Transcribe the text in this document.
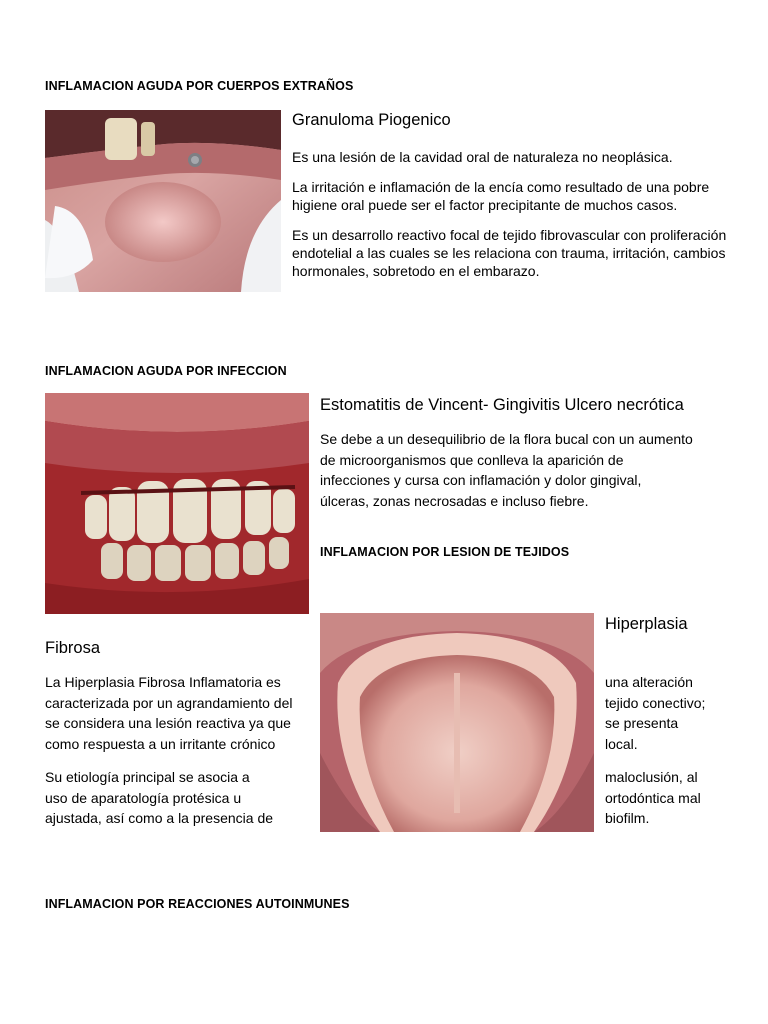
INFLAMACION AGUDA POR CUERPOS EXTRAÑOS
Granuloma Piogenico

Es una lesión de la cavidad oral de naturaleza no neoplásica.

La irritación e inflamación de la encía como resultado de una pobre higiene oral puede ser el factor precipitante de muchos casos.

Es un desarrollo reactivo focal de tejido fibrovascular con proliferación endotelial a las cuales se les relaciona con trauma, irritación, cambios hormonales, sobretodo en el embarazo.

INFLAMACION AGUDA POR INFECCION
Estomatitis de Vincent- Gingivitis Ulcero necrótica
Se debe a un desequilibrio de la flora bucal con un aumento
de microorganismos que conlleva la aparición de
infecciones y cursa con inflamación y dolor gingival,
úlceras, zonas necrosadas e incluso fiebre.
INFLAMACION POR LESION DE TEJIDOS
Hiperplasia
Fibrosa
La Hiperplasia Fibrosa Inflamatoria es
caracterizada por un agrandamiento del
se considera una lesión reactiva ya que
como respuesta a un irritante crónico
una alteración
tejido conectivo;
se presenta
local.
Su etiología principal se asocia a
uso de aparatología protésica u
ajustada, así como a la presencia de
maloclusión, al
ortodóntica mal
biofilm.
INFLAMACION POR REACCIONES AUTOINMUNES
